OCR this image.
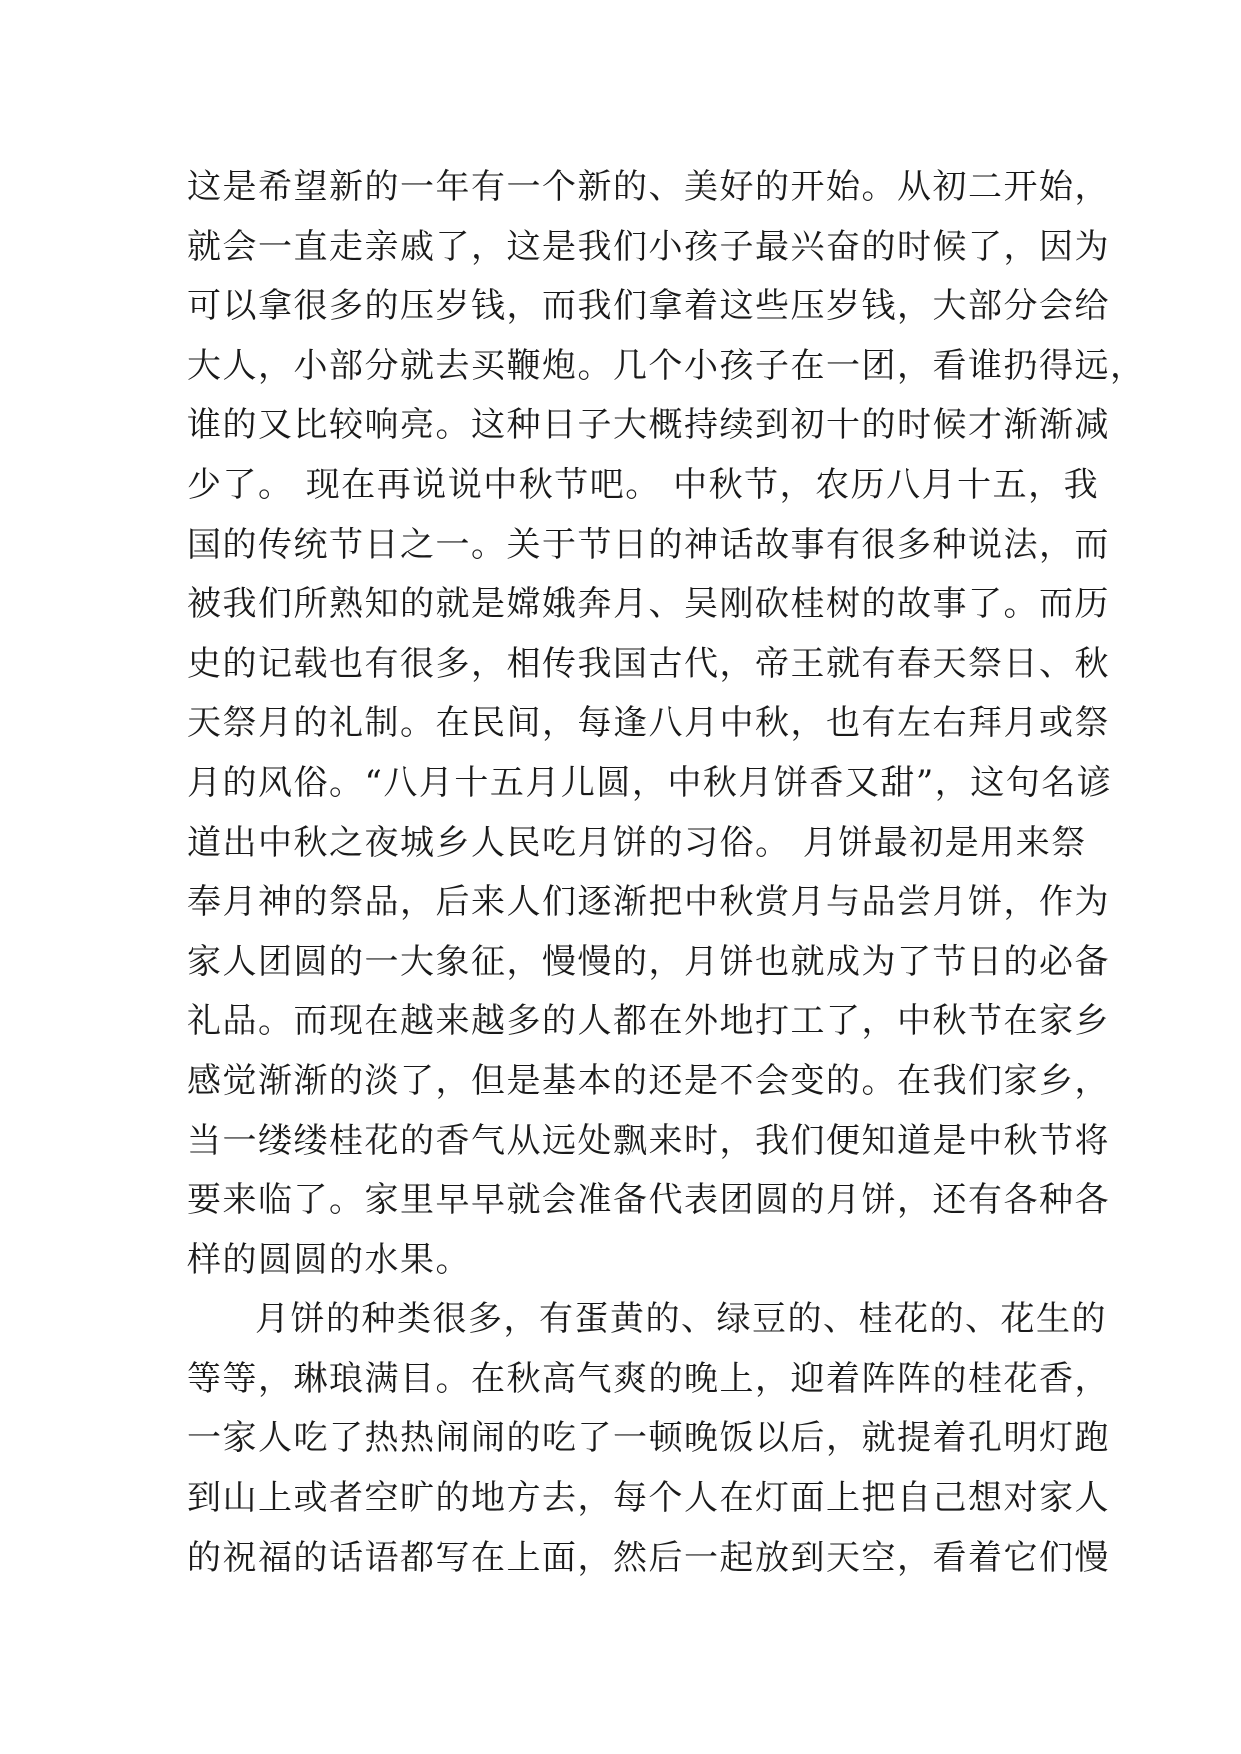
这是希望新的一年有一个新的、美好的开始。从初二开始，
就会一直走亲戚了，这是我们小孩子最兴奋的时候了，因为
可以拿很多的压岁钱，而我们拿着这些压岁钱，大部分会给
大人，小部分就去买鞭炮。几个小孩子在一团，看谁扔得远，
谁的又比较响亮。这种日子大概持续到初十的时候才渐渐减
少了。 现在再说说中秋节吧。 中秋节，农历八月十五，我
国的传统节日之一。关于节日的神话故事有很多种说法，而
被我们所熟知的就是嫦娥奔月、吴刚砍桂树的故事了。而历
史的记载也有很多，相传我国古代，帝王就有春天祭日、秋
天祭月的礼制。在民间，每逢八月中秋，也有左右拜月或祭
月的风俗。“八月十五月儿圆，中秋月饼香又甜”，这句名谚
道出中秋之夜城乡人民吃月饼的习俗。 月饼最初是用来祭
奉月神的祭品，后来人们逐渐把中秋赏月与品尝月饼，作为
家人团圆的一大象征，慢慢的，月饼也就成为了节日的必备
礼品。而现在越来越多的人都在外地打工了，中秋节在家乡
感觉渐渐的淡了，但是基本的还是不会变的。在我们家乡，
当一缕缕桂花的香气从远处飘来时，我们便知道是中秋节将
要来临了。家里早早就会准备代表团圆的月饼，还有各种各
样的圆圆的水果。
月饼的种类很多，有蛋黄的、绿豆的、桂花的、花生的
等等，琳琅满目。在秋高气爽的晚上，迎着阵阵的桂花香，
一家人吃了热热闹闹的吃了一顿晚饭以后，就提着孔明灯跑
到山上或者空旷的地方去，每个人在灯面上把自己想对家人
的祝福的话语都写在上面，然后一起放到天空，看着它们慢
